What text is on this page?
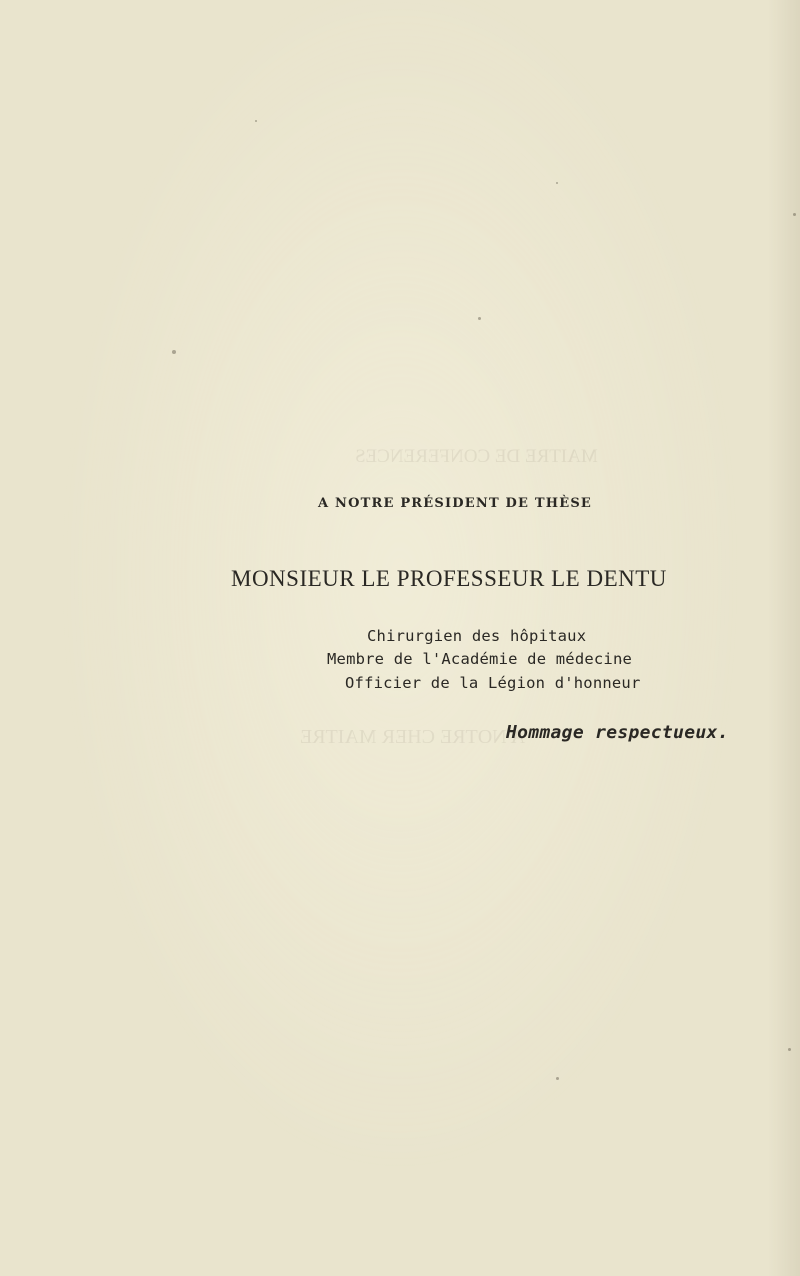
MAITRE DE CONFERENCES
A NOTRE CHER MAITRE
A NOTRE PRÉSIDENT DE THÈSE
MONSIEUR LE PROFESSEUR LE DENTU
Chirurgien des hôpitaux
Membre de l'Académie de médecine
Officier de la Légion d'honneur
Hommage respectueux.
